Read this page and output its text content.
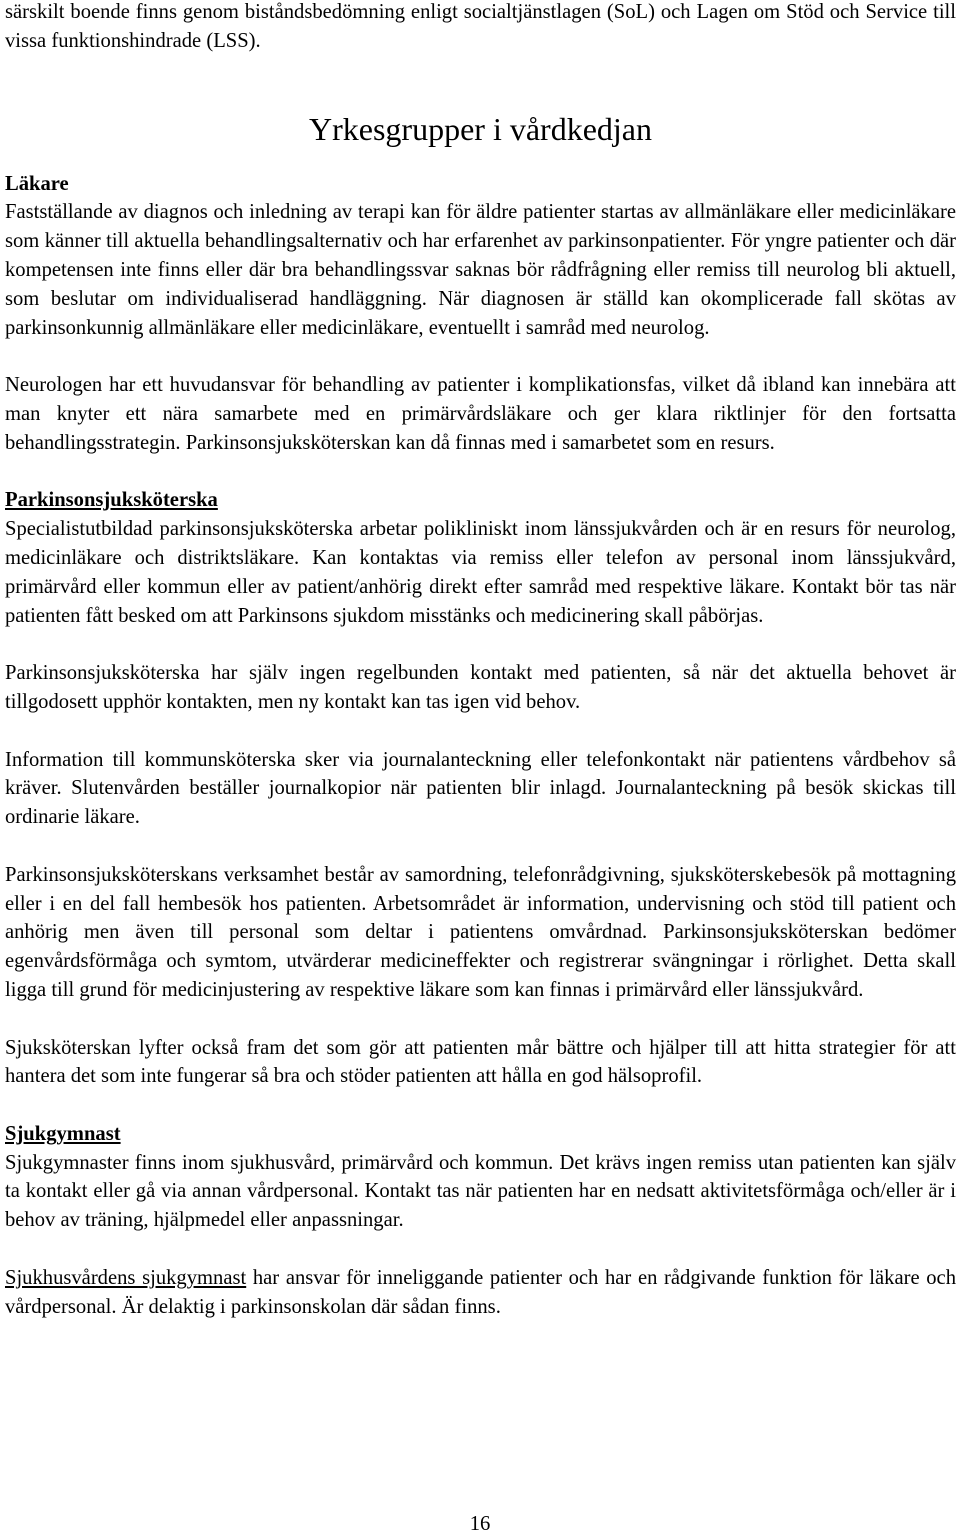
särskilt boende finns genom biståndsbedömning enligt socialtjänstlagen (SoL) och Lagen om Stöd och Service till vissa funktionshindrade (LSS).

Yrkesgrupper i vårdkedjan
Läkare

Fastställande av diagnos och inledning av terapi kan för äldre patienter startas av allmänläkare eller medicinläkare som känner till aktuella behandlingsalternativ och har erfarenhet av parkinsonpatienter. För yngre patienter och där kompetensen inte finns eller där bra behandlingssvar saknas bör rådfrågning eller remiss till neurolog bli aktuell, som beslutar om individualiserad handläggning. När diagnosen är ställd kan okomplicerade fall skötas av parkinsonkunnig allmänläkare eller medicinläkare, eventuellt i samråd med neurolog.

Neurologen har ett huvudansvar för behandling av patienter i komplikationsfas, vilket då ibland kan innebära att man knyter ett nära samarbete med en primärvårdsläkare och ger klara riktlinjer för den fortsatta behandlingsstrategin. Parkinsonsjuksköterskan kan då finnas med i samarbetet som en resurs.

Parkinsonsjuksköterska

Specialistutbildad parkinsonsjuksköterska arbetar polikliniskt inom länssjukvården och är en resurs för neurolog, medicinläkare och distriktsläkare. Kan kontaktas via remiss eller telefon av personal inom länssjukvård, primärvård eller kommun eller av patient/anhörig direkt efter samråd med respektive läkare. Kontakt bör tas när patienten fått besked om att Parkinsons sjukdom misstänks och medicinering skall påbörjas.

Parkinsonsjuksköterska har själv ingen regelbunden kontakt med patienten, så när det aktuella behovet är tillgodosett upphör kontakten, men ny kontakt kan tas igen vid behov.

Information till kommunsköterska sker via journalanteckning eller telefonkontakt när patientens vårdbehov så kräver. Slutenvården beställer journalkopior när patienten blir inlagd. Journalanteckning på besök skickas till ordinarie läkare.

Parkinsonsjuksköterskans verksamhet består av samordning, telefonrådgivning, sjuksköterskebesök på mottagning eller i en del fall hembesök hos patienten. Arbetsområdet är information, undervisning och stöd till patient och anhörig men även till personal som deltar i patientens omvårdnad. Parkinsonsjuksköterskan bedömer egenvårdsförmåga och symtom, utvärderar medicineffekter och registrerar svängningar i rörlighet. Detta skall ligga till grund för medicinjustering av respektive läkare som kan finnas i primärvård eller länssjukvård.

Sjuksköterskan lyfter också fram det som gör att patienten mår bättre och hjälper till att hitta strategier för att hantera det som inte fungerar så bra och stöder patienten att hålla en god hälsoprofil.

Sjukgymnast

Sjukgymnaster finns inom sjukhusvård, primärvård och kommun. Det krävs ingen remiss utan patienten kan själv ta kontakt eller gå via annan vårdpersonal. Kontakt tas när patienten har en nedsatt aktivitetsförmåga och/eller är i behov av träning, hjälpmedel eller anpassningar.

Sjukhusvårdens sjukgymnast har ansvar för inneliggande patienter och har en rådgivande funktion för läkare och vårdpersonal. Är delaktig i parkinsonskolan där sådan finns.

16
